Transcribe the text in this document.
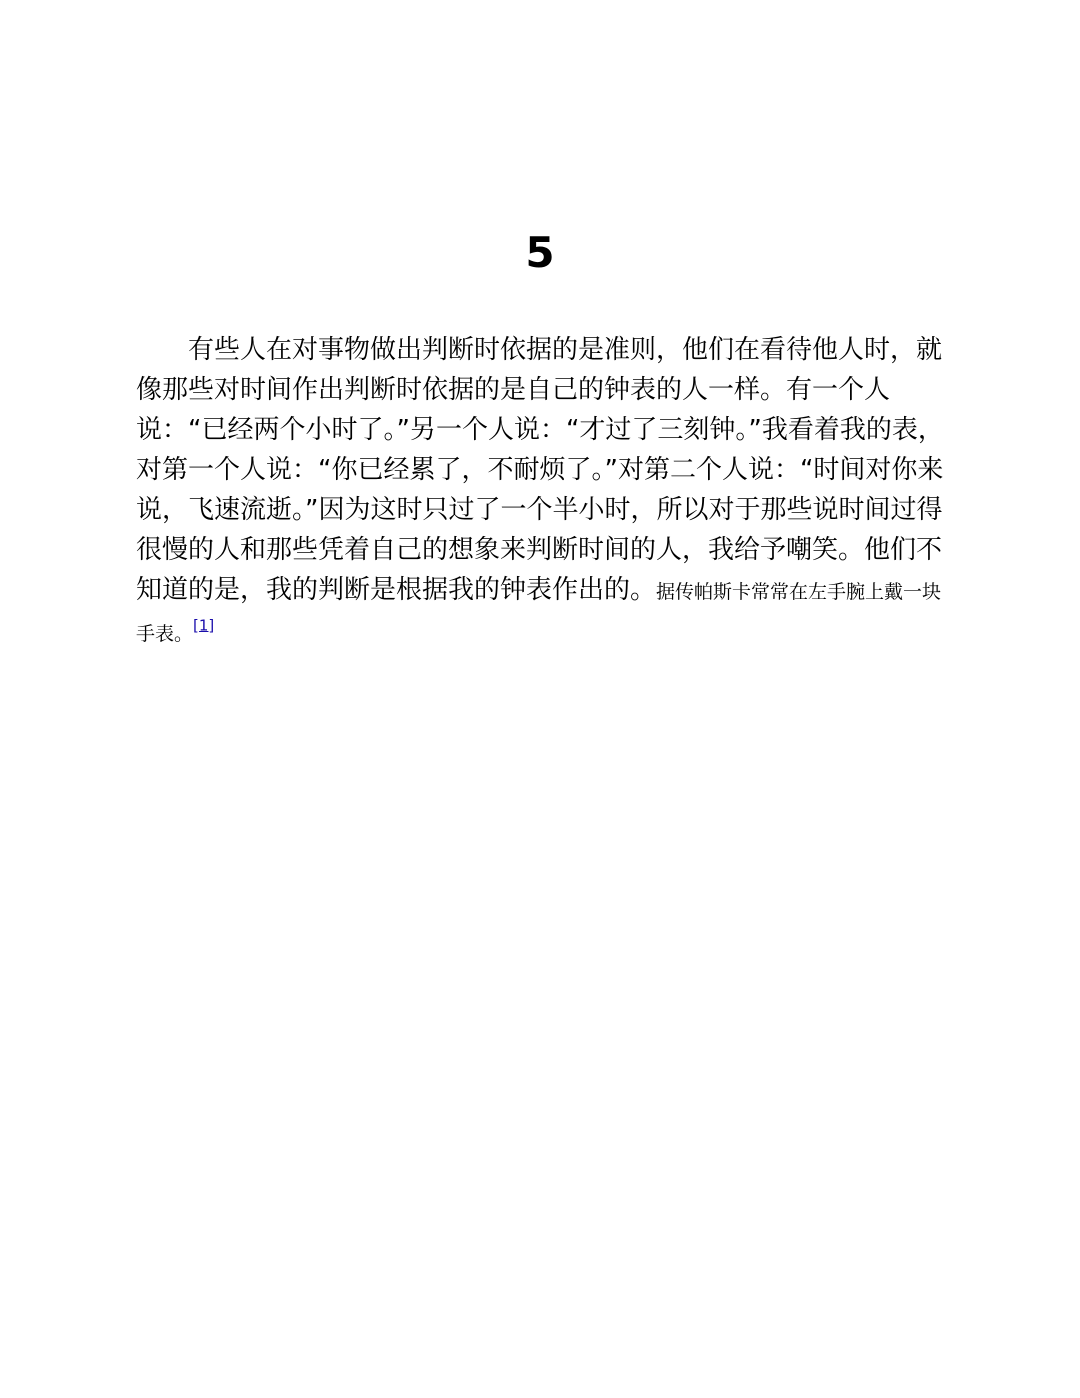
5

有些人在对事物做出判断时依据的是准则，他们在看待他人时，就像那些对时间作出判断时依据的是自己的钟表的人一样。有一个人说：“已经两个小时了。”另一个人说：“才过了三刻钟。”我看着我的表，对第一个人说：“你已经累了，不耐烦了。”对第二个人说：“时间对你来说，飞速流逝。”因为这时只过了一个半小时，所以对于那些说时间过得很慢的人和那些凭着自己的想象来判断时间的人，我给予嘲笑。他们不知道的是，我的判断是根据我的钟表作出的。据传帕斯卡常常在左手腕上戴一块手表。[1]
